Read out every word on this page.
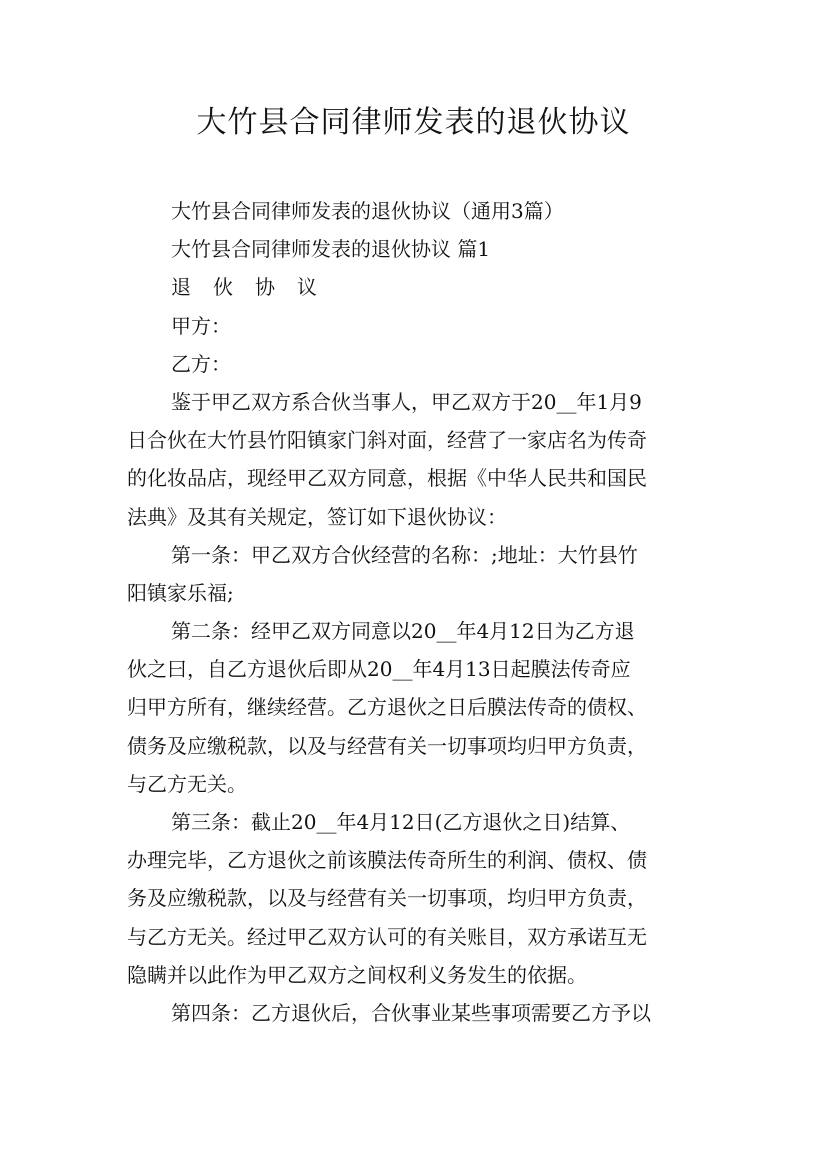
大竹县合同律师发表的退伙协议
大竹县合同律师发表的退伙协议（通用3篇）
大竹县合同律师发表的退伙协议 篇1
退伙协议
甲方：
乙方：
鉴于甲乙双方系合伙当事人，甲乙双方于20__年1月9
日合伙在大竹县竹阳镇家门斜对面，经营了一家店名为传奇
的化妆品店，现经甲乙双方同意，根据《中华人民共和国民
法典》及其有关规定，签订如下退伙协议：
第一条：甲乙双方合伙经营的名称：;地址：大竹县竹
阳镇家乐福;
第二条：经甲乙双方同意以20__年4月12日为乙方退
伙之曰，自乙方退伙后即从20__年4月13日起膜法传奇应
归甲方所有，继续经营。乙方退伙之日后膜法传奇的债权、
债务及应缴税款，以及与经营有关一切事项均归甲方负责，
与乙方无关。
第三条：截止20__年4月12日(乙方退伙之日)结算、
办理完毕，乙方退伙之前该膜法传奇所生的利润、债权、债
务及应缴税款，以及与经营有关一切事项，均归甲方负责，
与乙方无关。经过甲乙双方认可的有关账目，双方承诺互无
隐瞒并以此作为甲乙双方之间权利义务发生的依据。
第四条：乙方退伙后，合伙事业某些事项需要乙方予以
